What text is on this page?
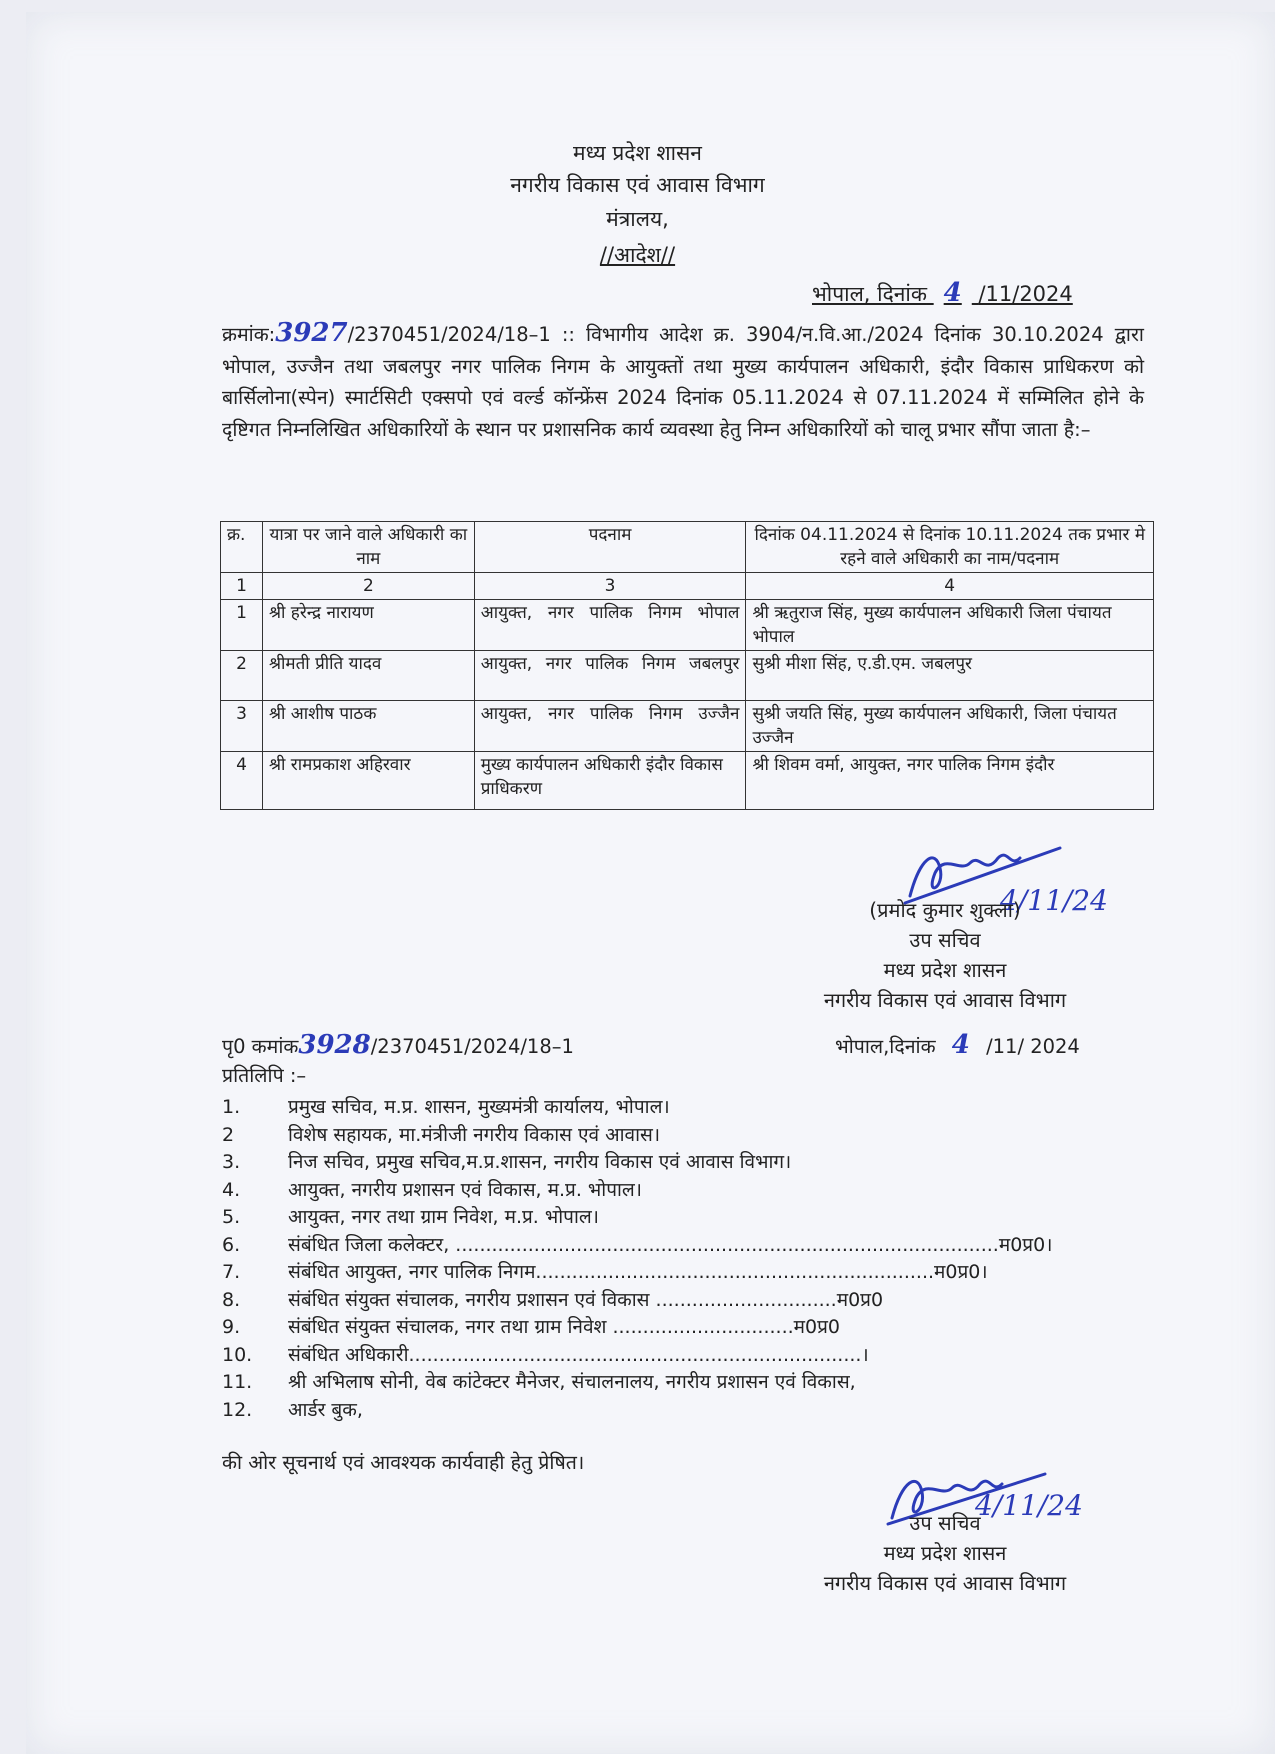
मध्य प्रदेश शासन
नगरीय विकास एवं आवास विभाग
मंत्रालय,
//आदेश//
भोपाल, दिनांक 4 /11/2024
क्रमांक:3927/2370451/2024/18–1 :: विभागीय आदेश क्र. 3904/न.वि.आ./2024 दिनांक 30.10.2024 द्वारा भोपाल, उज्जैन तथा जबलपुर नगर पालिक निगम के आयुक्तों तथा मुख्य कार्यपालन अधिकारी, इंदौर विकास प्राधिकरण को बार्सिलोना(स्पेन) स्मार्टसिटी एक्सपो एवं वर्ल्ड कॉन्फ्रेंस 2024 दिनांक 05.11.2024 से 07.11.2024 में सम्मिलित होने के दृष्टिगत निम्नलिखित अधिकारियों के स्थान पर प्रशासनिक कार्य व्यवस्था हेतु निम्न अधिकारियों को चालू प्रभार सौंपा जाता है:–
क्र.	यात्रा पर जाने वाले अधिकारी का नाम	पदनाम	दिनांक 04.11.2024 से दिनांक 10.11.2024 तक प्रभार मे रहने वाले अधिकारी का नाम/पदनाम
1	2	3	4
1	श्री हरेन्द्र नारायण	आयुक्त, नगर पालिक निगम भोपाल	श्री ऋतुराज सिंह, मुख्य कार्यपालन अधिकारी जिला पंचायत भोपाल
2	श्रीमती प्रीति यादव	आयुक्त, नगर पालिक निगम जबलपुर	सुश्री मीशा सिंह, ए.डी.एम. जबलपुर
3	श्री आशीष पाठक	आयुक्त, नगर पालिक निगम उज्जैन	सुश्री जयति सिंह, मुख्य कार्यपालन अधिकारी, जिला पंचायत उज्जैन
4	श्री रामप्रकाश अहिरवार	मुख्य कार्यपालन अधिकारी इंदौर विकास प्राधिकरण	श्री शिवम वर्मा, आयुक्त, नगर पालिक निगम इंदौर
4/11/24
(प्रमोद कुमार शुक्ला)
उप सचिव
मध्य प्रदेश शासन
नगरीय विकास एवं आवास विभाग
पृ0 कमांक3928/2370451/2024/18–1	भोपाल,दिनांक 4 /11/ 2024
प्रतिलिपि :–
1.	प्रमुख सचिव, म.प्र. शासन, मुख्यमंत्री कार्यालय, भोपाल।
2	विशेष सहायक, मा.मंत्रीजी नगरीय विकास एवं आवास।
3.	निज सचिव, प्रमुख सचिव,म.प्र.शासन, नगरीय विकास एवं आवास विभाग।
4.	आयुक्त, नगरीय प्रशासन एवं विकास, म.प्र. भोपाल।
5.	आयुक्त, नगर तथा ग्राम निवेश, म.प्र. भोपाल।
6.	संबंधित जिला कलेक्टर, ..........................................................................................म0प्र0।
7.	संबंधित आयुक्त, नगर पालिक निगम..................................................................म0प्र0।
8.	संबंधित संयुक्त संचालक, नगरीय प्रशासन एवं विकास ..............................म0प्र0
9.	संबंधित संयुक्त संचालक, नगर तथा ग्राम निवेश ..............................म0प्र0
10. संबंधित अधिकारी...........................................................................।
11. श्री अभिलाष सोनी, वेब कांटेक्टर मैनेजर, संचालनालय, नगरीय प्रशासन एवं विकास,
12. आर्डर बुक,
की ओर सूचनार्थ एवं आवश्यक कार्यवाही हेतु प्रेषित।
4/11/24
उप सचिव
मध्य प्रदेश शासन
नगरीय विकास एवं आवास विभाग
